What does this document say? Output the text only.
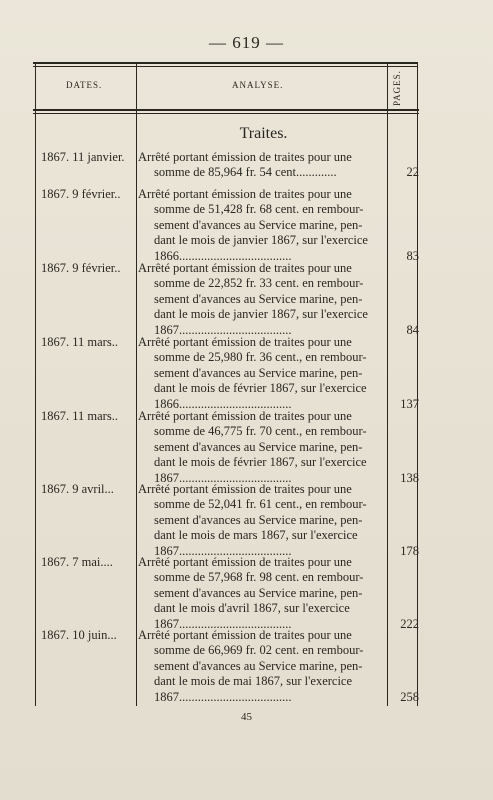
— 619 —
DATES.	ANALYSE.	PAGES.
Traites.
1867. 11 janvier.	Arrêté portant émission de traites pour une
somme de 85,964 fr. 54 cent.............	22
1867. 9 février..	Arrêté portant émission de traites pour une
somme de 51,428 fr. 68 cent. en rembour-
sement d'avances au Service marine, pen-
dant le mois de janvier 1867, sur l'exercice
1866....................................	83
1867. 9 février..	Arrêté portant émission de traites pour une
somme de 22,852 fr. 33 cent. en rembour-
sement d'avances au Service marine, pen-
dant le mois de janvier 1867, sur l'exercice
1867....................................	84
1867. 11 mars..	Arrêté portant émission de traites pour une
somme de 25,980 fr. 36 cent., en rembour-
sement d'avances au Service marine, pen-
dant le mois de février 1867, sur l'exercice
1866....................................	137
1867. 11 mars..	Arrêté portant émission de traites pour une
somme de 46,775 fr. 70 cent., en rembour-
sement d'avances au Service marine, pen-
dant le mois de février 1867, sur l'exercice
1867....................................	138
1867. 9 avril...	Arrêté portant émission de traites pour une
somme de 52,041 fr. 61 cent., en rembour-
sement d'avances au Service marine, pen-
dant le mois de mars 1867, sur l'exercice
1867....................................	178
1867. 7 mai....	Arrêté portant émission de traites pour une
somme de 57,968 fr. 98 cent. en rembour-
sement d'avances au Service marine, pen-
dant le mois d'avril 1867, sur l'exercice
1867....................................	222
1867. 10 juin...	Arrêté portant émission de traites pour une
somme de 66,969 fr. 02 cent. en rembour-
sement d'avances au Service marine, pen-
dant le mois de mai 1867, sur l'exercice
1867....................................	258
45
